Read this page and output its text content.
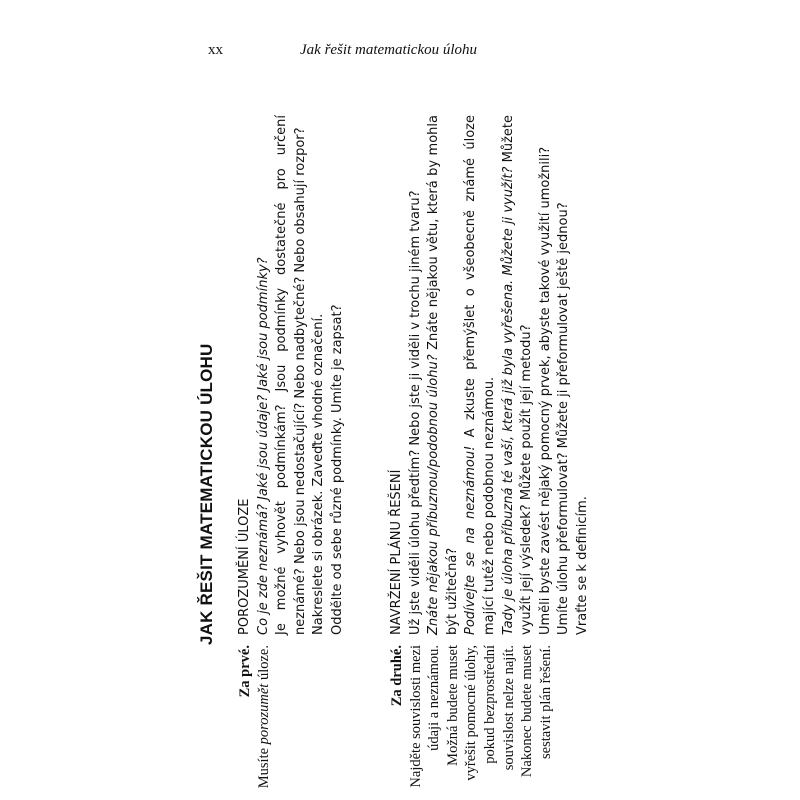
xx	Jak řešit matematickou úlohu
JAK ŘEŠIT MATEMATICKOU ÚLOHU
Za prvé.
Musíte porozumět úloze.
POROZUMĚNÍ ÚLOZE Co je zde neznámá? Jaké jsou údaje? Jaké jsou podmínky? Je možné vyhovět podmínkám? Jsou podmínky dostatečné pro určení neznámé? Nebo jsou nedostačující? Nebo nadbytečné? Nebo obsahují rozpor? Nakreslete si obrázek. Zaveďte vhodné označení. Oddělte od sebe různé podmínky. Umíte je zapsat?

Za druhé. Najděte souvislosti mezi údaji a neznámou. Možná budete muset vyřešit pomocné úlohy, pokud bezprostřední souvislost nelze najít. Nakonec budete muset sestavit plán řešení.
NAVRŽENÍ PLÁNU ŘEŠENÍ Už jste viděli úlohu předtím? Nebo jste ji viděli v trochu jiném tvaru? Znáte nějakou příbuznou/podobnou úlohu? Znáte nějakou větu, která by mohla být užitečná? Podívejte se na neznámou! A zkuste přemýšlet o všeobecně známé úloze mající tutéž nebo podobnou neznámou. Tady je úloha příbuzná té vaší, která již byla vyřešena. Můžete ji využít? Můžete využít její výsledek? Můžete použít její metodu? Uměli byste zavést nějaký pomocný prvek, abyste takové využití umožnili? Umíte úlohu přeformulovat? Můžete ji přeformulovat ještě jednou? Vraťte se k definicím.
